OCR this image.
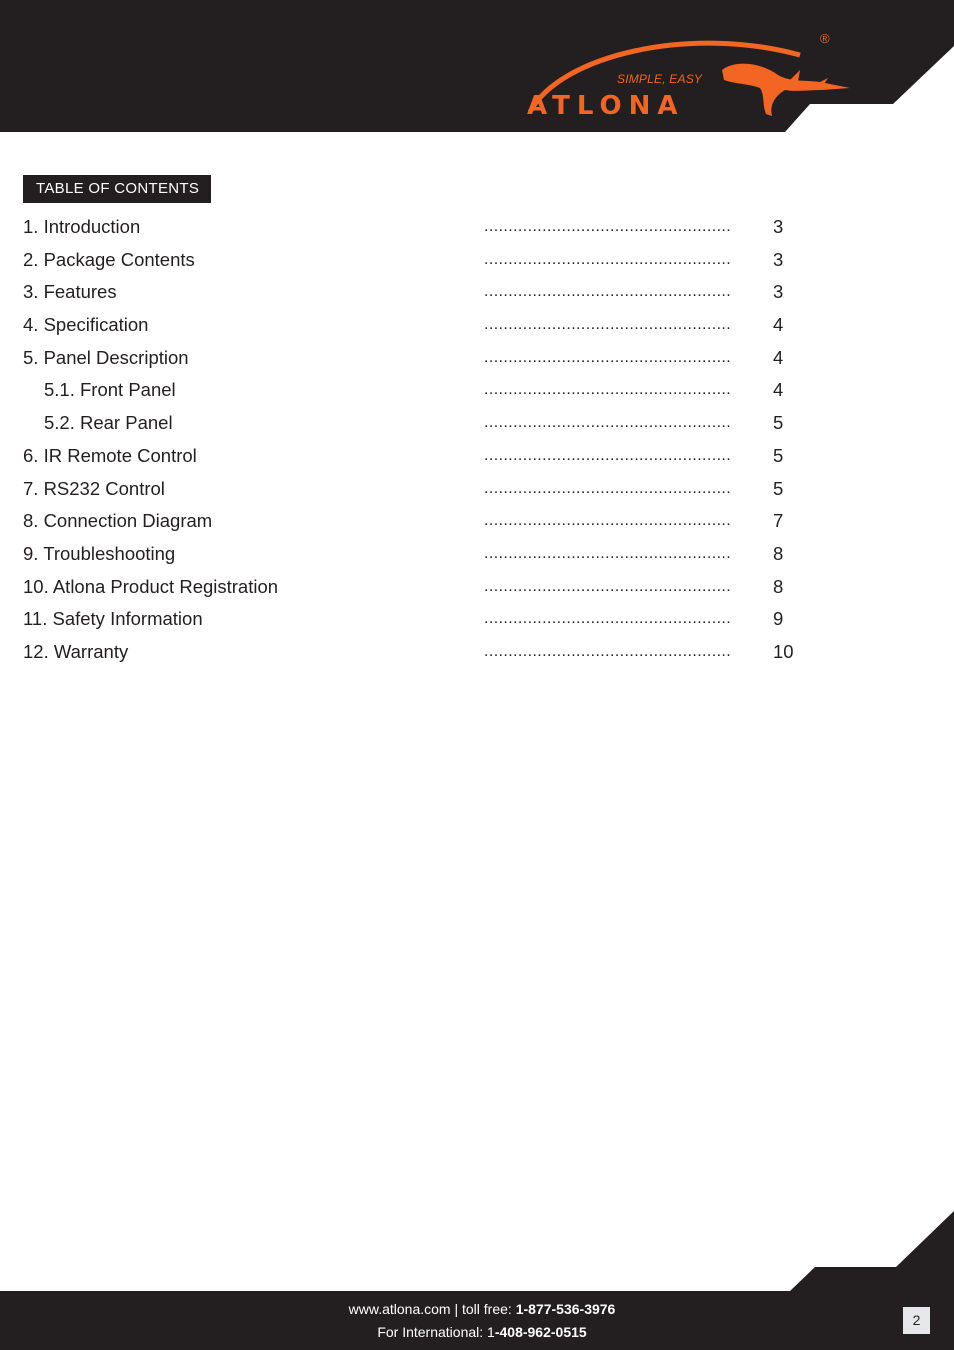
SIMPLE, EASY
ATLONA
®
TABLE OF CONTENTS
1. Introduction	...................................................	3
2. Package Contents	...................................................	3
3. Features	...................................................	3
4. Specification	...................................................	4
5. Panel Description	...................................................	4
5.1. Front Panel	...................................................	4
5.2. Rear Panel	...................................................	5
6. IR Remote Control	...................................................	5
7. RS232 Control	...................................................	5
8. Connection Diagram	...................................................	7
9. Troubleshooting	...................................................	8
10. Atlona Product Registration	...................................................	8
11. Safety Information	...................................................	9
12. Warranty	...................................................	10
www.atlona.com | toll free: 1-877-536-3976
For International: 1-408-962-0515
2
